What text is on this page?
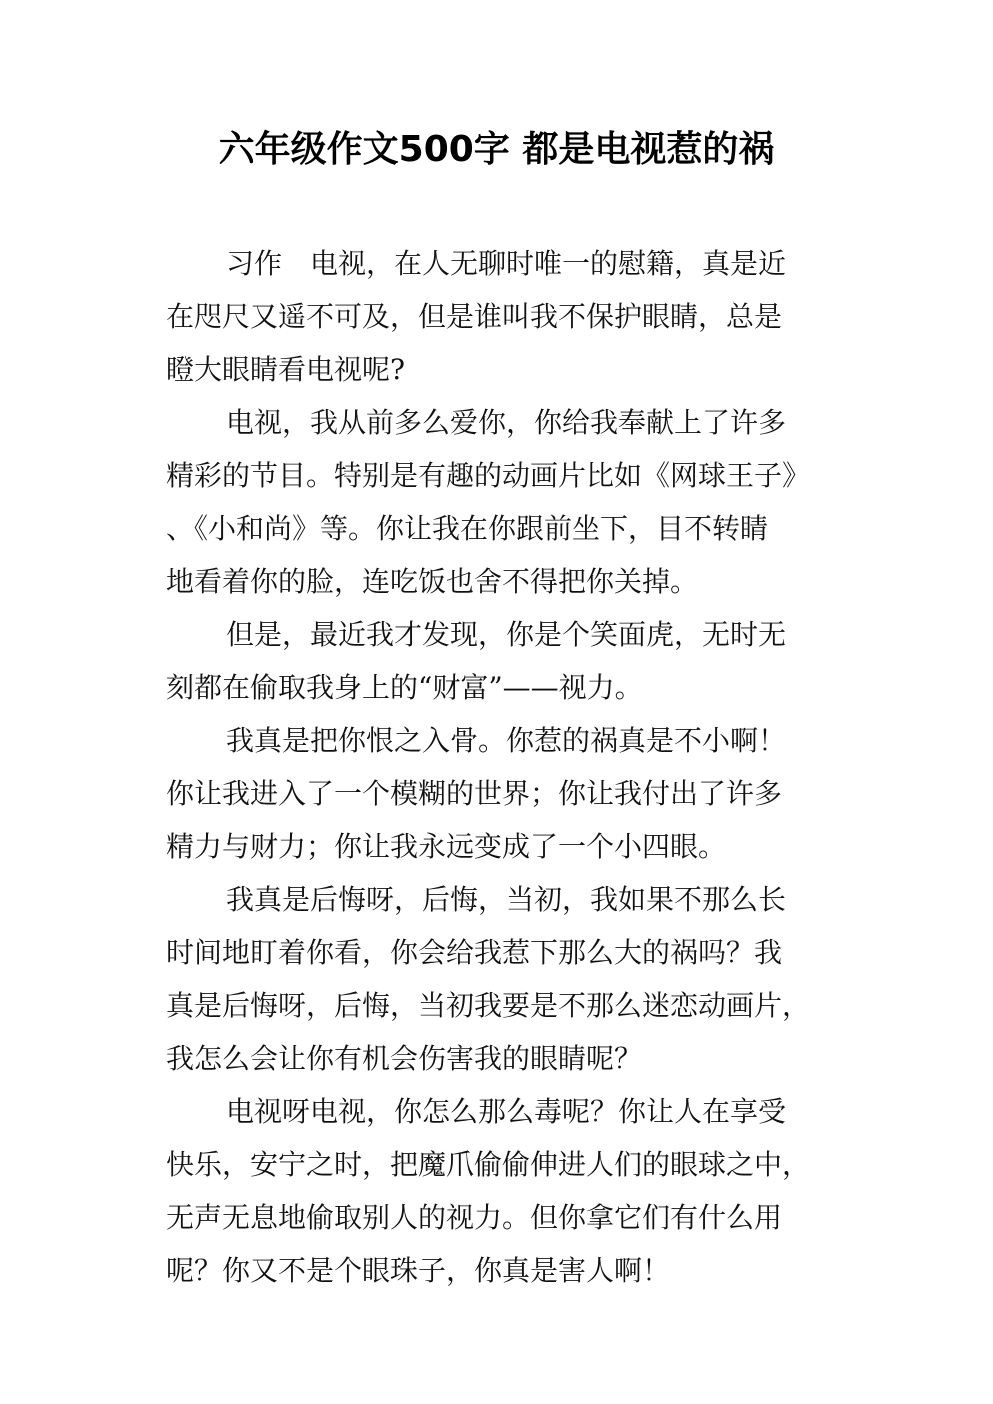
六年级作文500字 都是电视惹的祸
习作　电视，在人无聊时唯一的慰籍，真是近
在咫尺又遥不可及，但是谁叫我不保护眼睛，总是
瞪大眼睛看电视呢?
电视，我从前多么爱你，你给我奉献上了许多
精彩的节目。特别是有趣的动画片比如《网球王子》
、《小和尚》等。你让我在你跟前坐下，目不转睛
地看着你的脸，连吃饭也舍不得把你关掉。
但是，最近我才发现，你是个笑面虎，无时无
刻都在偷取我身上的“财富”——视力。
我真是把你恨之入骨。你惹的祸真是不小啊！
你让我进入了一个模糊的世界；你让我付出了许多
精力与财力；你让我永远变成了一个小四眼。
我真是后悔呀，后悔，当初，我如果不那么长
时间地盯着你看，你会给我惹下那么大的祸吗？我
真是后悔呀，后悔，当初我要是不那么迷恋动画片，
我怎么会让你有机会伤害我的眼睛呢？
电视呀电视，你怎么那么毒呢？你让人在享受
快乐，安宁之时，把魔爪偷偷伸进人们的眼球之中，
无声无息地偷取别人的视力。但你拿它们有什么用
呢？你又不是个眼珠子，你真是害人啊！
